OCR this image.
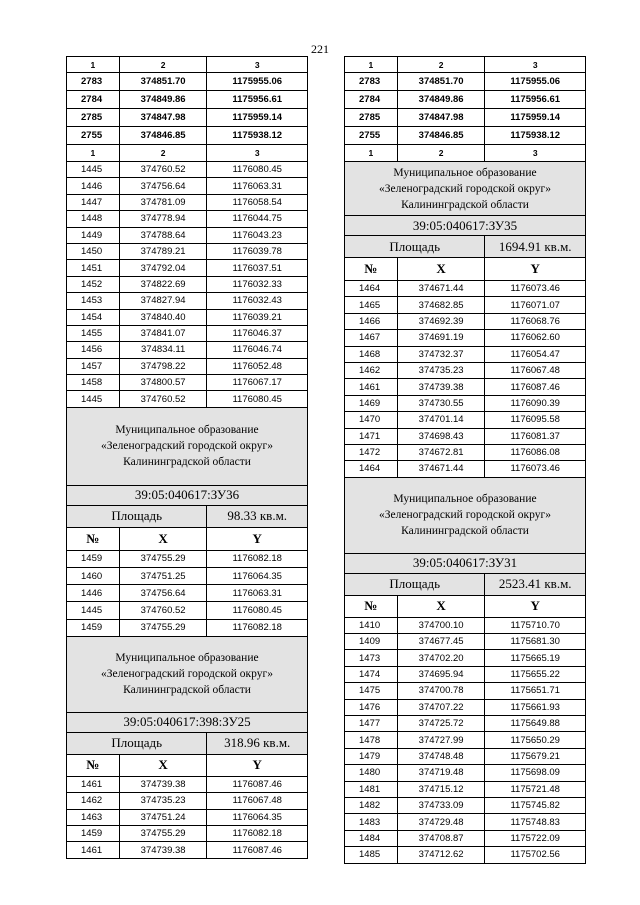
221
1	2	3
2783	374851.70	1175955.06
2784	374849.86	1175956.61
2785	374847.98	1175959.14
2755	374846.85	1175938.12
1	2	3
1445	374760.52	1176080.45
1446	374756.64	1176063.31
1447	374781.09	1176058.54
1448	374778.94	1176044.75
1449	374788.64	1176043.23
1450	374789.21	1176039.78
1451	374792.04	1176037.51
1452	374822.69	1176032.33
1453	374827.94	1176032.43
1454	374840.40	1176039.21
1455	374841.07	1176046.37
1456	374834.11	1176046.74
1457	374798.22	1176052.48
1458	374800.57	1176067.17
1445	374760.52	1176080.45
Муниципальное образование
«Зеленоградский городской округ»
Калининградской области
39:05:040617:ЗУ36
Площадь	98.33 кв.м.
№	X	Y
1459	374755.29	1176082.18
1460	374751.25	1176064.35
1446	374756.64	1176063.31
1445	374760.52	1176080.45
1459	374755.29	1176082.18
Муниципальное образование
«Зеленоградский городской округ»
Калининградской области
39:05:040617:398:ЗУ25
Площадь	318.96 кв.м.
№	X	Y
1461	374739.38	1176087.46
1462	374735.23	1176067.48
1463	374751.24	1176064.35
1459	374755.29	1176082.18
1461	374739.38	1176087.46
1	2	3
2783	374851.70	1175955.06
2784	374849.86	1175956.61
2785	374847.98	1175959.14
2755	374846.85	1175938.12
1	2	3
Муниципальное образование
«Зеленоградский городской округ»
Калининградской области
39:05:040617:ЗУ35
Площадь	1694.91 кв.м.
№	X	Y
1464	374671.44	1176073.46
1465	374682.85	1176071.07
1466	374692.39	1176068.76
1467	374691.19	1176062.60
1468	374732.37	1176054.47
1462	374735.23	1176067.48
1461	374739.38	1176087.46
1469	374730.55	1176090.39
1470	374701.14	1176095.58
1471	374698.43	1176081.37
1472	374672.81	1176086.08
1464	374671.44	1176073.46
Муниципальное образование
«Зеленоградский городской округ»
Калининградской области
39:05:040617:ЗУ31
Площадь	2523.41 кв.м.
№	X	Y
1410	374700.10	1175710.70
1409	374677.45	1175681.30
1473	374702.20	1175665.19
1474	374695.94	1175655.22
1475	374700.78	1175651.71
1476	374707.22	1175661.93
1477	374725.72	1175649.88
1478	374727.99	1175650.29
1479	374748.48	1175679.21
1480	374719.48	1175698.09
1481	374715.12	1175721.48
1482	374733.09	1175745.82
1483	374729.48	1175748.83
1484	374708.87	1175722.09
1485	374712.62	1175702.56
